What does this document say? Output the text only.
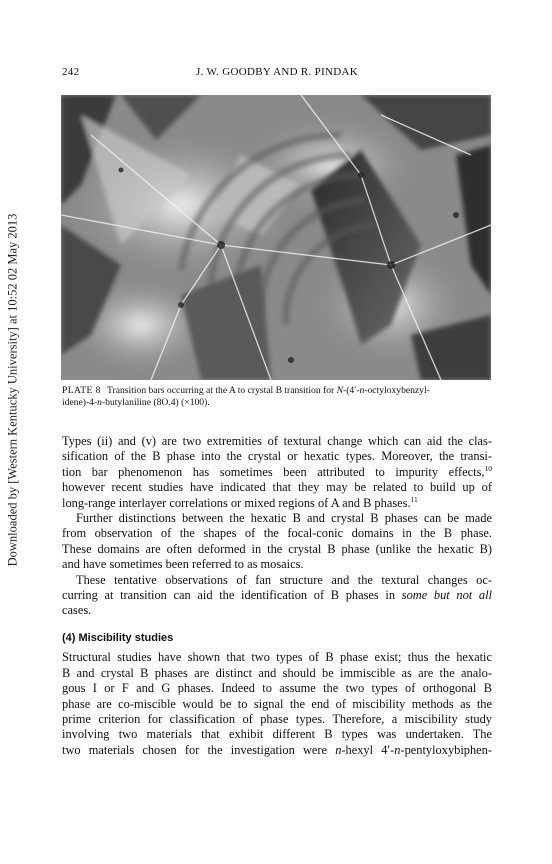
Downloaded by [Western Kentucky University] at 10:52 02 May 2013
242	J. W. GOODBY AND R. PINDAK
PLATE 8 Transition bars occurring at the A to crystal B transition for N-(4′-n-octyloxybenzyl-
idene)-4-n-butylaniline (8O.4) (×100).
Types (ii) and (v) are two extremities of textural change which can aid the clas-
sification of the B phase into the crystal or hexatic types. Moreover, the transi-
tion bar phenomenon has sometimes been attributed to impurity effects,$^{10}$
however recent studies have indicated that they may be related to build up of
long-range interlayer correlations or mixed regions of A and B phases.$^{11}$
Further distinctions between the hexatic B and crystal B phases can be made
from observation of the shapes of the focal-conic domains in the B phase.
These domains are often deformed in the crystal B phase (unlike the hexatic B)
and have sometimes been referred to as mosaics.
These tentative observations of fan structure and the textural changes oc-
curring at transition can aid the identification of B phases in some but not all
cases.
(4) Miscibility studies
Structural studies have shown that two types of B phase exist; thus the hexatic
B and crystal B phases are distinct and should be immiscible as are the analo-
gous I or F and G phases. Indeed to assume the two types of orthogonal B
phase are co-miscible would be to signal the end of miscibility methods as the
prime criterion for classification of phase types. Therefore, a miscibility study
involving two materials that exhibit different B types was undertaken. The
two materials chosen for the investigation were n-hexyl 4′-n-pentyloxybiphen-
